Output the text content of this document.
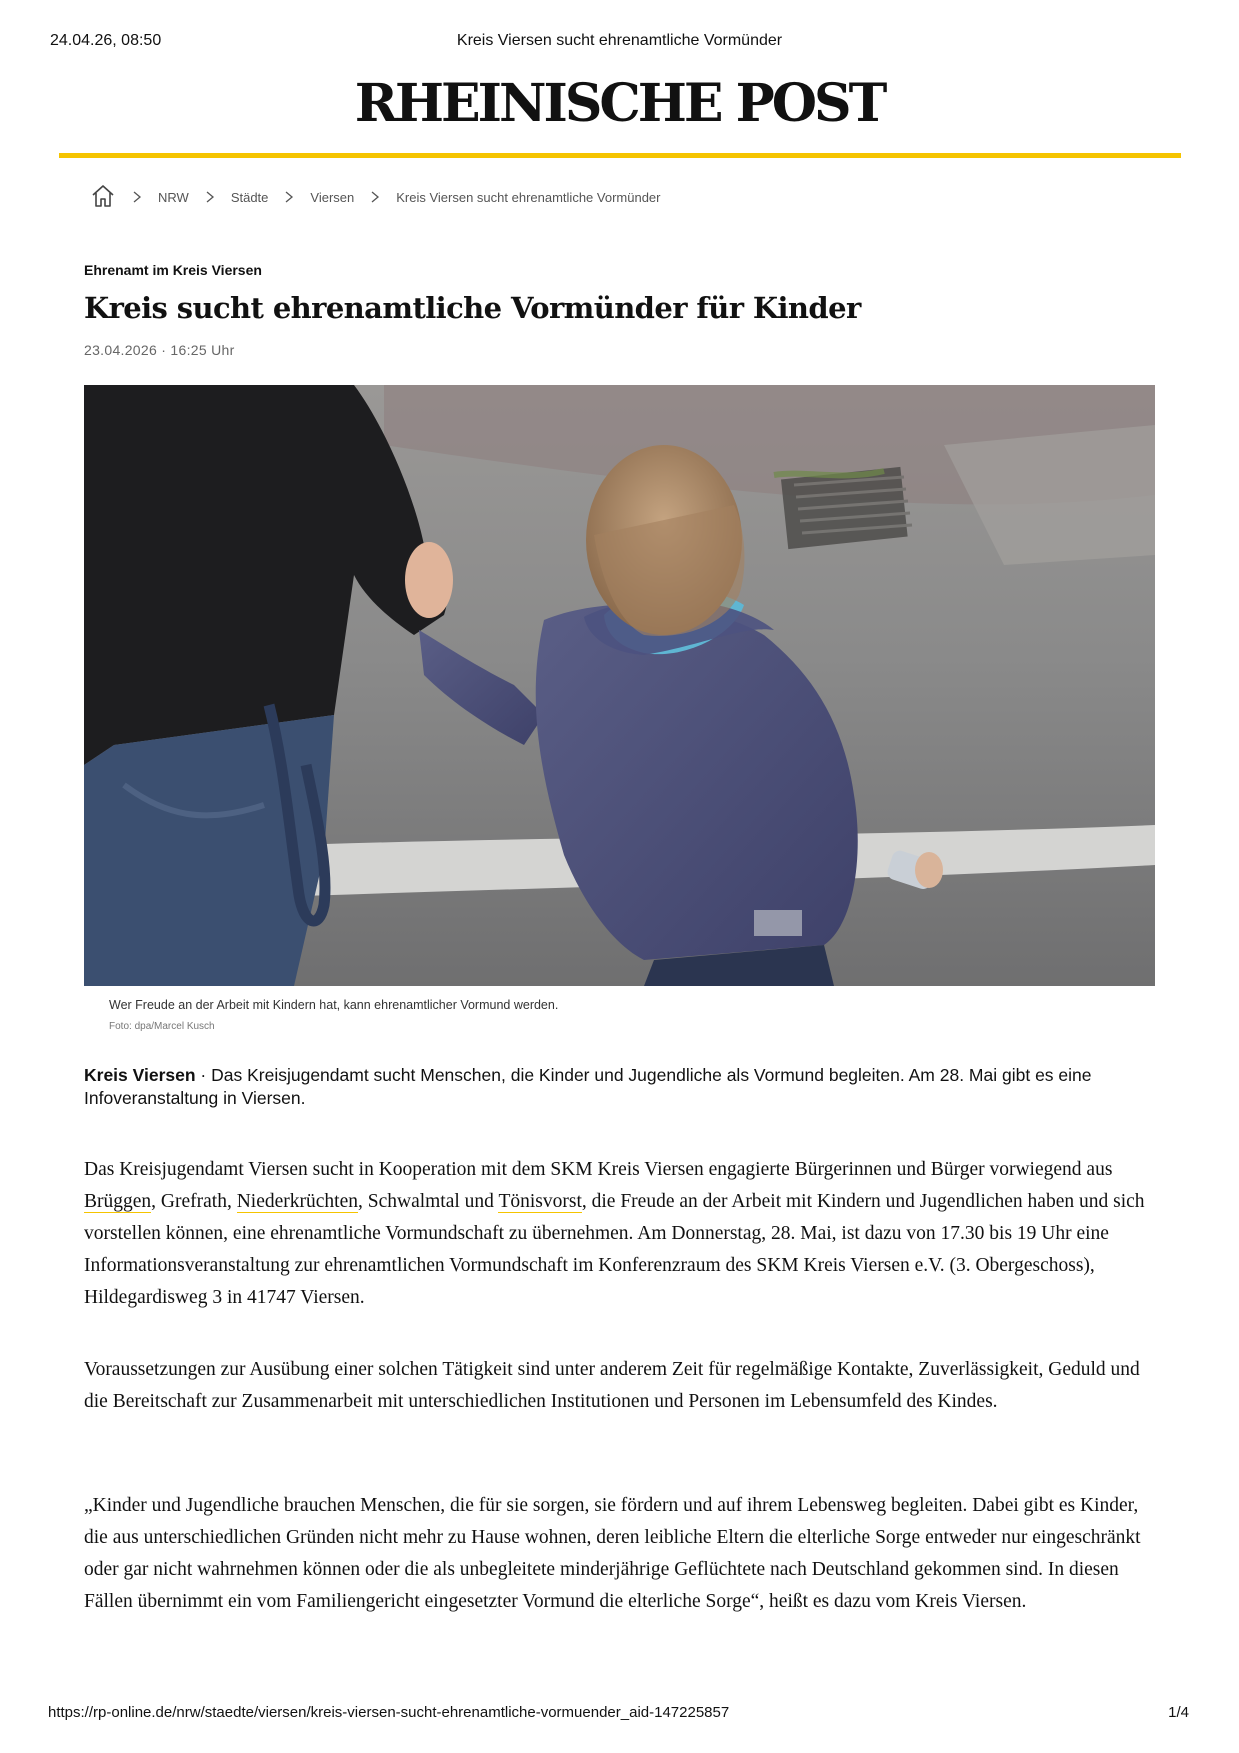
24.04.26, 08:50	Kreis Viersen sucht ehrenamtliche Vormünder
RHEINISCHE POST
NRW	Städte	Viersen	Kreis Viersen sucht ehrenamtliche Vormünder
Ehrenamt im Kreis Viersen
Kreis sucht ehrenamtliche Vormünder für Kinder
23.04.2026 · 16:25 Uhr
Wer Freude an der Arbeit mit Kindern hat, kann ehrenamtlicher Vormund werden.
Foto: dpa/Marcel Kusch

Kreis Viersen · Das Kreisjugendamt sucht Menschen, die Kinder und Jugendliche als Vormund begleiten. Am 28. Mai gibt es eine Infoveranstaltung in Viersen.

Das Kreisjugendamt Viersen sucht in Kooperation mit dem SKM Kreis Viersen engagierte Bürgerinnen und Bürger vorwiegend aus Brüggen, Grefrath, Niederkrüchten, Schwalmtal und Tönisvorst, die Freude an der Arbeit mit Kindern und Jugendlichen haben und sich vorstellen können, eine ehrenamtliche Vormundschaft zu übernehmen. Am Donnerstag, 28. Mai, ist dazu von 17.30 bis 19 Uhr eine Informationsveranstaltung zur ehrenamtlichen Vormundschaft im Konferenzraum des SKM Kreis Viersen e.V. (3. Obergeschoss), Hildegardisweg 3 in 41747 Viersen.

Voraussetzungen zur Ausübung einer solchen Tätigkeit sind unter anderem Zeit für regelmäßige Kontakte, Zuverlässigkeit, Geduld und die Bereitschaft zur Zusammenarbeit mit unterschiedlichen Institutionen und Personen im Lebensumfeld des Kindes.

„Kinder und Jugendliche brauchen Menschen, die für sie sorgen, sie fördern und auf ihrem Lebensweg begleiten. Dabei gibt es Kinder, die aus unterschiedlichen Gründen nicht mehr zu Hause wohnen, deren leibliche Eltern die elterliche Sorge entweder nur eingeschränkt oder gar nicht wahrnehmen können oder die als unbegleitete minderjährige Geflüchtete nach Deutschland gekommen sind. In diesen Fällen übernimmt ein vom Familiengericht eingesetzter Vormund die elterliche Sorge“, heißt es dazu vom Kreis Viersen.

https://rp-online.de/nrw/staedte/viersen/kreis-viersen-sucht-ehrenamtliche-vormuender_aid-147225857	1/4
